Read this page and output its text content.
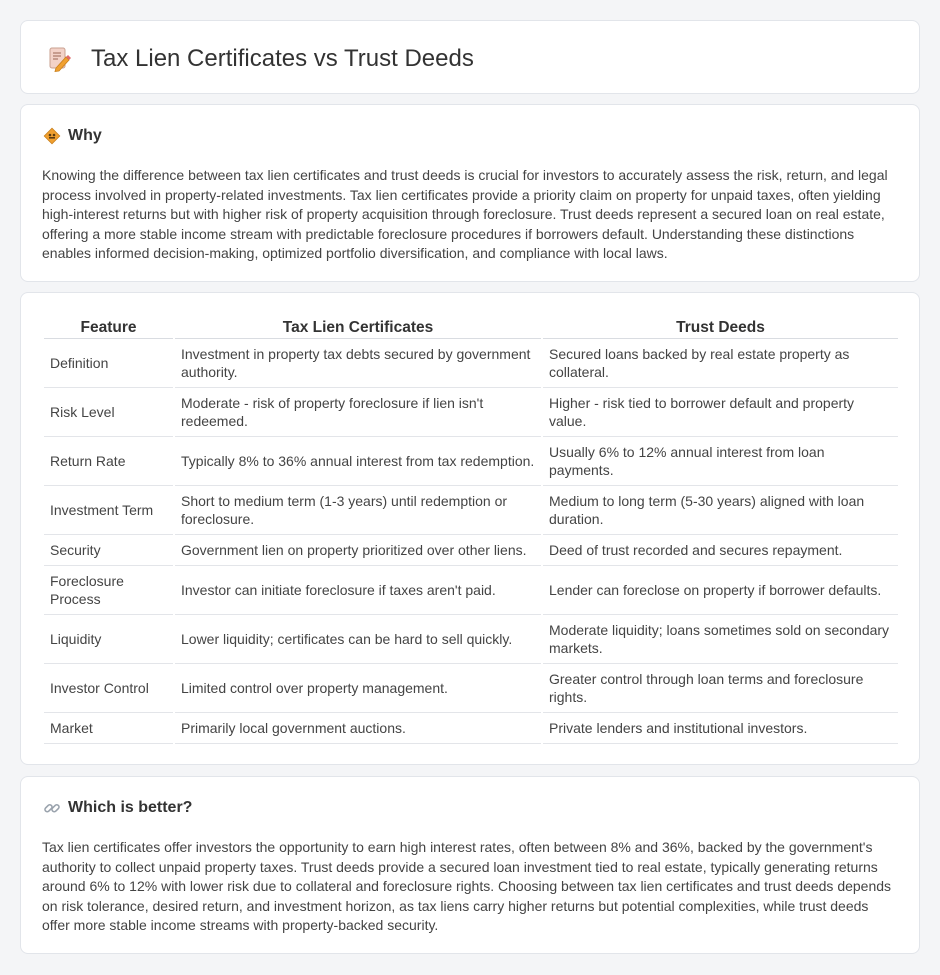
Tax Lien Certificates vs Trust Deeds
Why

Knowing the difference between tax lien certificates and trust deeds is crucial for investors to accurately assess the risk, return, and legal process involved in property-related investments. Tax lien certificates provide a priority claim on property for unpaid taxes, often yielding high-interest returns but with higher risk of property acquisition through foreclosure. Trust deeds represent a secured loan on real estate, offering a more stable income stream with predictable foreclosure procedures if borrowers default. Understanding these distinctions enables informed decision-making, optimized portfolio diversification, and compliance with local laws.

Feature	Tax Lien Certificates	Trust Deeds
Definition	Investment in property tax debts secured by government authority.	Secured loans backed by real estate property as collateral.
Risk Level	Moderate - risk of property foreclosure if lien isn't redeemed.	Higher - risk tied to borrower default and property value.
Return Rate	Typically 8% to 36% annual interest from tax redemption.	Usually 6% to 12% annual interest from loan payments.
Investment Term	Short to medium term (1-3 years) until redemption or foreclosure.	Medium to long term (5-30 years) aligned with loan duration.
Security	Government lien on property prioritized over other liens.	Deed of trust recorded and secures repayment.
Foreclosure Process	Investor can initiate foreclosure if taxes aren't paid.	Lender can foreclose on property if borrower defaults.
Liquidity	Lower liquidity; certificates can be hard to sell quickly.	Moderate liquidity; loans sometimes sold on secondary markets.
Investor Control	Limited control over property management.	Greater control through loan terms and foreclosure rights.
Market	Primarily local government auctions.	Private lenders and institutional investors.
Which is better?

Tax lien certificates offer investors the opportunity to earn high interest rates, often between 8% and 36%, backed by the government's authority to collect unpaid property taxes. Trust deeds provide a secured loan investment tied to real estate, typically generating returns around 6% to 12% with lower risk due to collateral and foreclosure rights. Choosing between tax lien certificates and trust deeds depends on risk tolerance, desired return, and investment horizon, as tax liens carry higher returns but potential complexities, while trust deeds offer more stable income streams with property-backed security.
